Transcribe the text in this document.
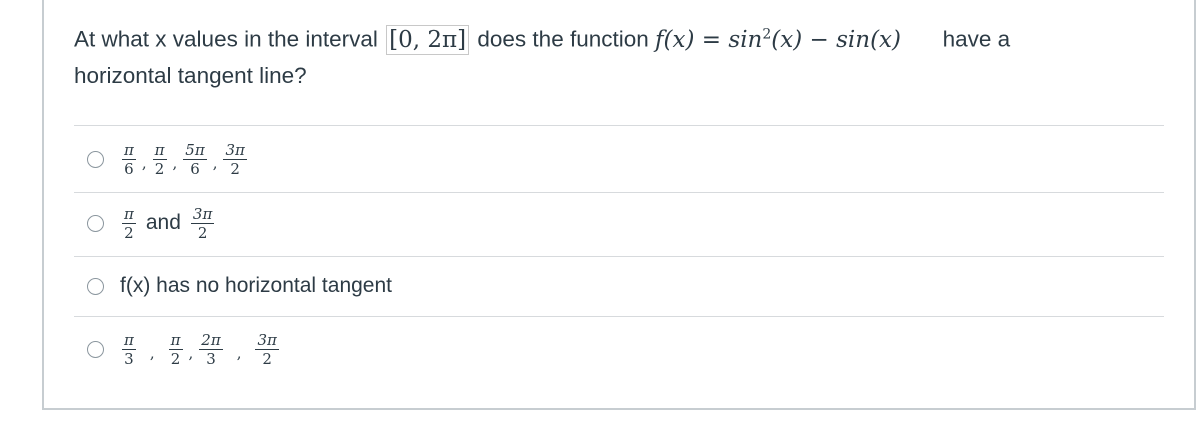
At what x values in the interval [0, 2π] does the function $f(x) = \sin^2(x) - \sin(x)$ have a
horizontal tangent line?
$\frac{\pi}{6}$ , $\frac{\pi}{2}$ , $\frac{5\pi}{6}$ , $\frac{3\pi}{2}$
$\frac{\pi}{2}$ and $\frac{3\pi}{2}$
f(x) has no horizontal tangent
$\frac{\pi}{3}$ , $\frac{\pi}{2}$ , $\frac{2\pi}{3}$ , $\frac{3\pi}{2}$
